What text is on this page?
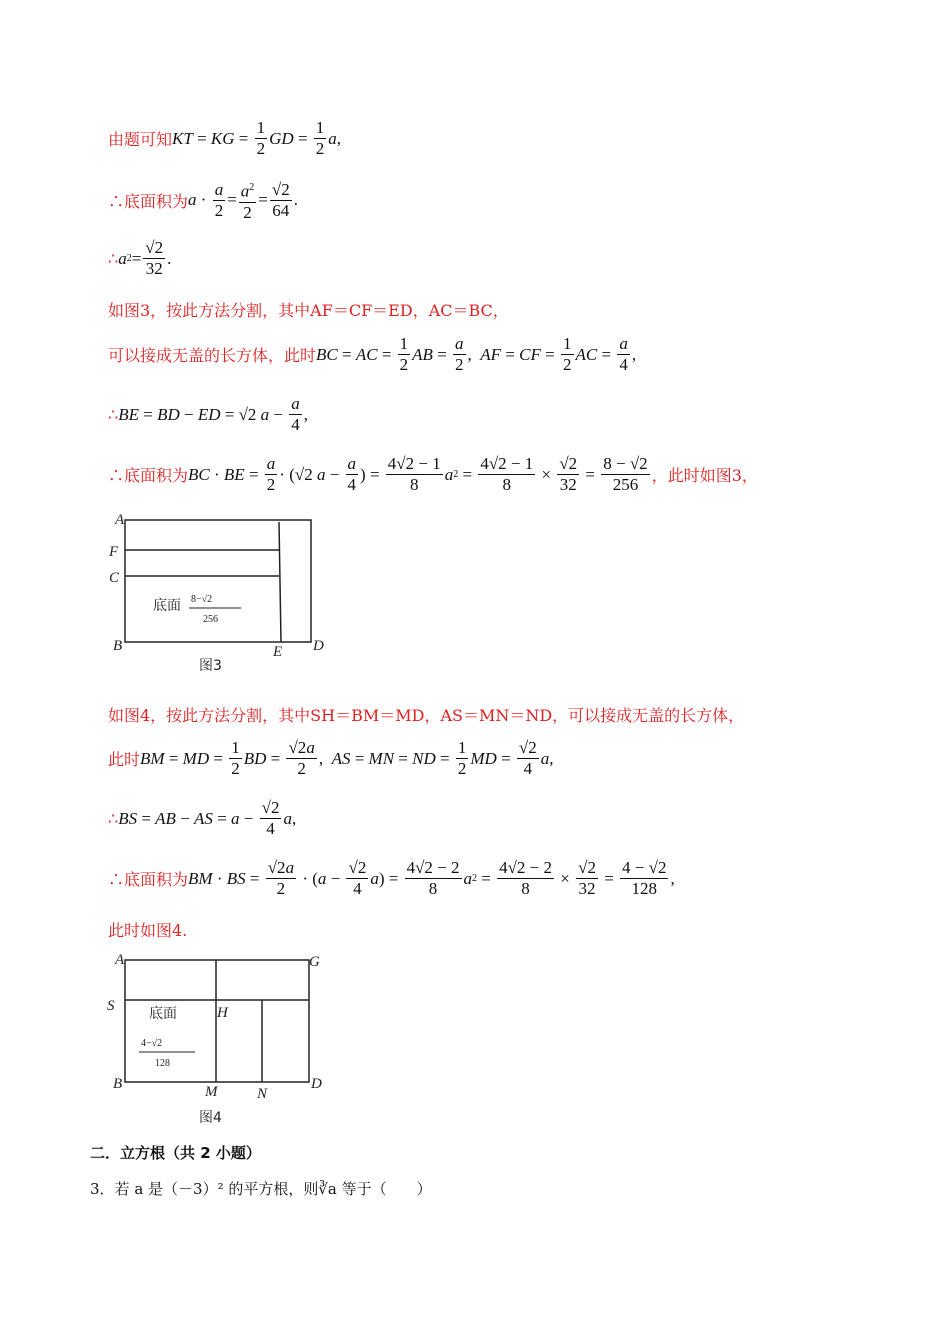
由题可知 KT = KG = $\frac{1}{2}$ GD = $\frac{1}{2}$ a ,
∴底面积为 $a \cdot \frac{a}{2} = \frac{a^2}{2} = \frac{√2}{64}$ .
∴ a $2 = \frac{√2}{32}$ .
如图3，按此方法分割，其中AF＝CF＝ED，AC＝BC，
可以接成无盖的长方体，此时 BC = AC = $\frac{1}{2}$ AB = $\frac{a}{2}$ , AF = CF = $\frac{1}{2}$ AC = $\frac{a}{4}$ ,
∴ BE = BD − ED = √2 $a - \frac{a}{4}$ ,
∴底面积为 BC · BE = $\frac{a}{2} \cdot (√2$ $a - \frac{a}{4}$ ) = $\frac{4√2 - 1}{8}$ a $2 = \frac{4√2 - 1}{8} \times \frac{√2}{32} = \frac{8 - √2}{256}$ ，此时如图3，
A
F
C
B	E D
底面 8−√2
256
图3
如图4，按此方法分割，其中SH＝BM＝MD，AS＝MN＝ND，可以接成无盖的长方体，
此时 BM = MD = $\frac{1}{2}$ BD = $\frac{√2a}{2}$ , AS = MN = ND = $\frac{1}{2}$ MD = $\frac{√2}{4}$ a ,
∴ BS = AB − AS = $a - \frac{√2}{4}$ a ,
∴底面积为 BM · BS = $\frac{√2a}{2}$ · ( $a - \frac{√2}{4}$ a ) = $\frac{4√2 - 2}{8}$ a $2 = \frac{4√2 - 2}{8} \times \frac{√2}{32} = \frac{4 - √2}{128}$ ,
此时如图4.
A	G
S	H
B	M	N
D
底面
4−√2
128
图4
二．立方根（共 2 小题）
3．若 a 是（－3）² 的平方根，则∛a 等于（　　）
